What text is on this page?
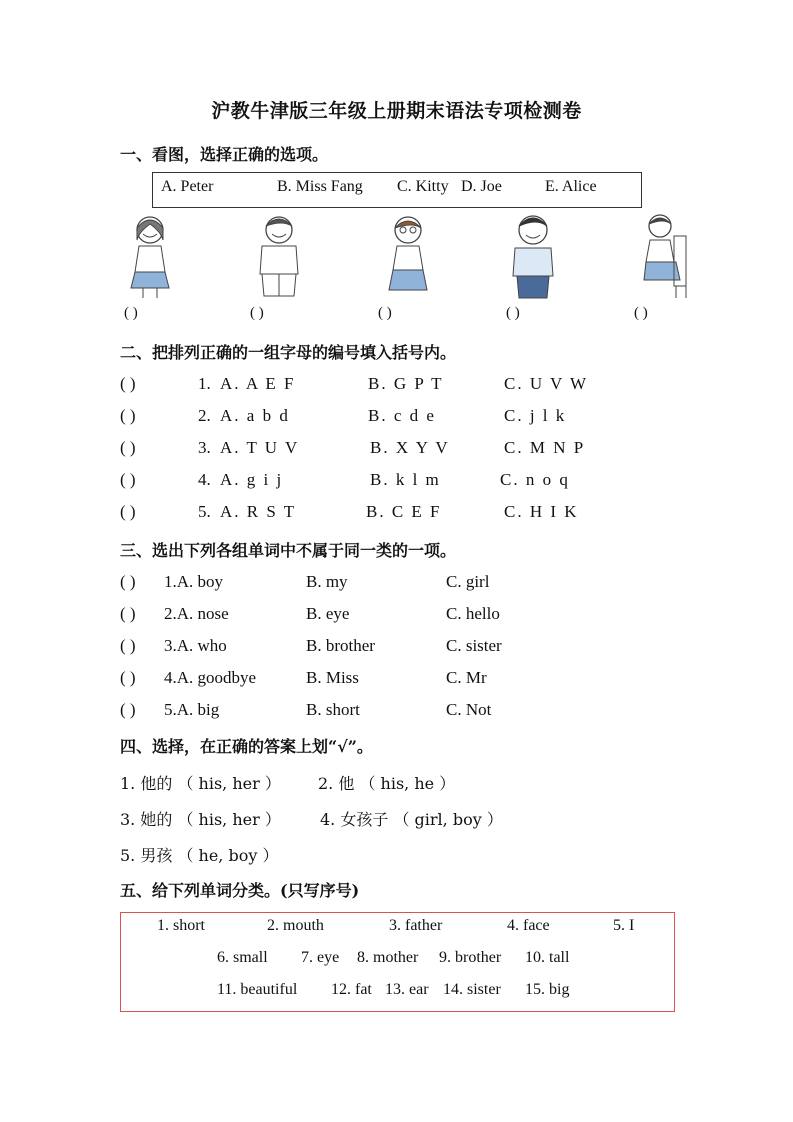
沪教牛津版三年级上册期末语法专项检测卷
一、看图，选择正确的选项。
A. Peter	B. Miss Fang C. Kitty D. Joe	E. Alice
( )	( )	( )	( )	( )
二、把排列正确的一组字母的编号填入括号内。
( )	1. A. A E F	B. G P T	C. U V W
( )	2. A. a b d	B. c d e	C. j l k
( )	3. A. T U V	B. X Y V	C. M N P
( )	4. A. g i j	B. k l m	C. n o q
( )	5. A. R S T	B. C E F	C. H I K
三、选出下列各组单词中不属于同一类的一项。
( ) 1.A. boy	B. my	C. girl
( ) 2.A. nose	B. eye	C. hello
( ) 3.A. who	B. brother	C. sister
( ) 4.A. goodbye	B. Miss	C. Mr
( ) 5.A. big	B. short	C. Not
四、选择，在正确的答案上划“√”。
1. 他的 （ his, her ） 2. 他 （ his, he ）
3. 她的 （ his, her ） 4. 女孩子 （ girl, boy ）
5. 男孩 （ he, boy ）
五、给下列单词分类。(只写序号)
1. short	2. mouth	3. father	4. face	5. I
6. small 7. eye 8. mother 9. brother 10. tall
11. beautiful 12. fat 13. ear 14. sister 15. big
